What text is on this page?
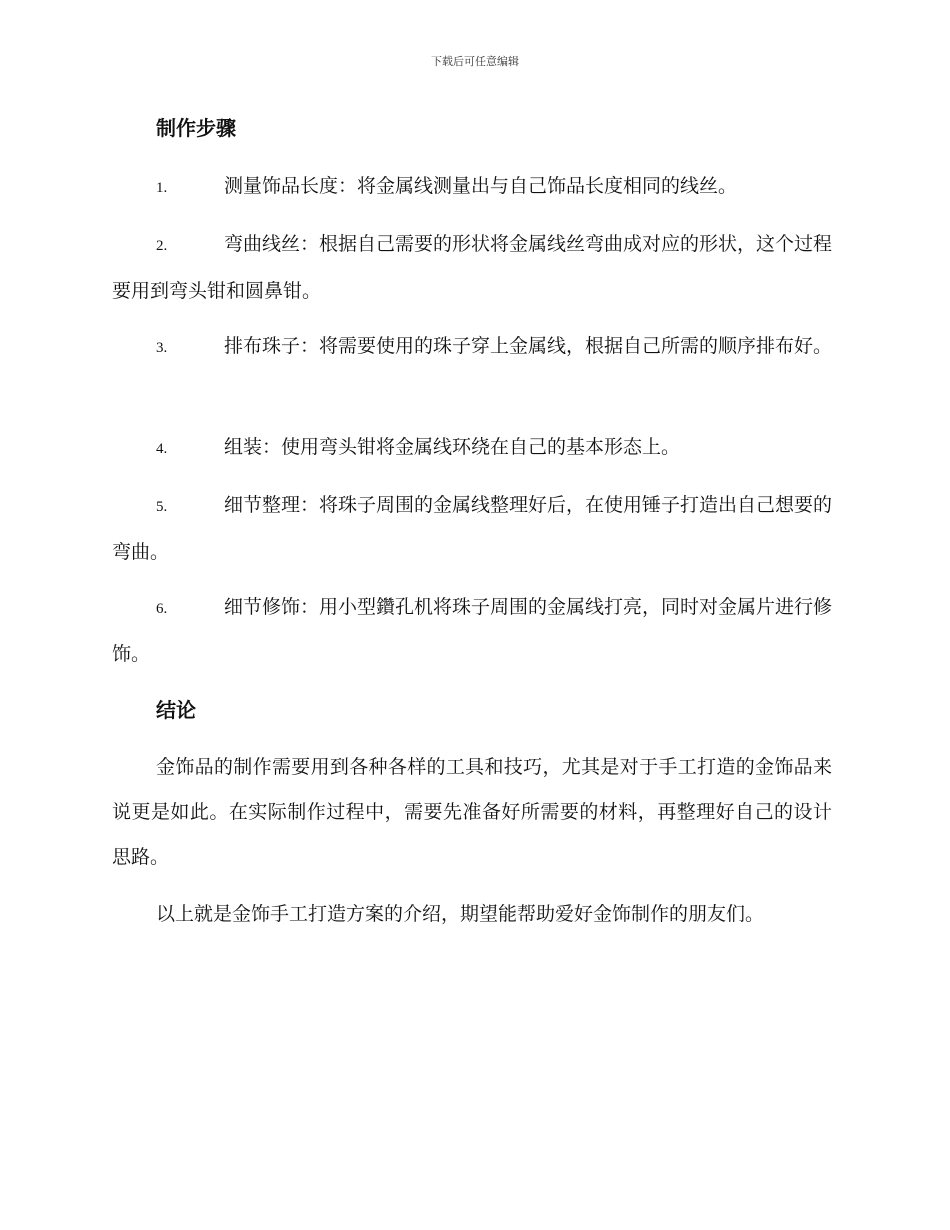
下载后可任意编辑
制作步骤

1.	测量饰品长度：将金属线测量出与自己饰品长度相同的线丝。

2.	弯曲线丝：根据自己需要的形状将金属线丝弯曲成对应的形状，这个过程要用到弯头钳和圆鼻钳。

3.	排布珠子：将需要使用的珠子穿上金属线，根据自己所需的顺序排布好。

4.	组装：使用弯头钳将金属线环绕在自己的基本形态上。

5.	细节整理：将珠子周围的金属线整理好后，在使用锤子打造出自己想要的弯曲。

6.	细节修饰：用小型鑽孔机将珠子周围的金属线打亮，同时对金属片进行修饰。

结论

金饰品的制作需要用到各种各样的工具和技巧，尤其是对于手工打造的金饰品来说更是如此。在实际制作过程中，需要先准备好所需要的材料，再整理好自己的设计思路。

以上就是金饰手工打造方案的介绍，期望能帮助爱好金饰制作的朋友们。
